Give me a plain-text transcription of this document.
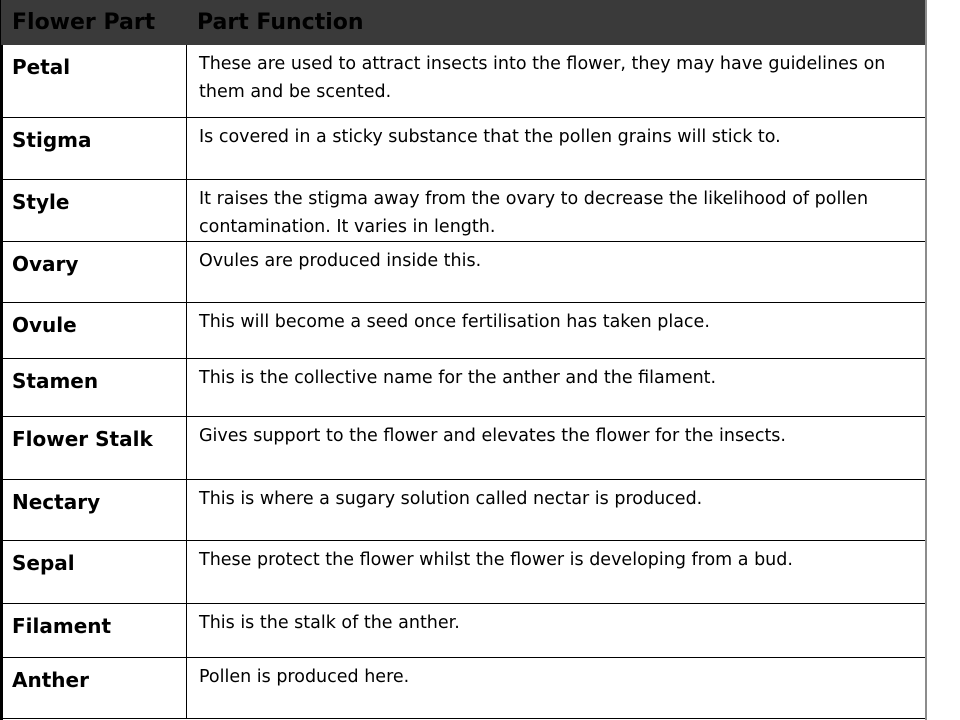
Flower Part	Part Function

Petal	These are used to attract insects into the flower, they may have guidelines on them and be scented.

Stigma	Is covered in a sticky substance that the pollen grains will stick to.

Style	It raises the stigma away from the ovary to decrease the likelihood of pollen contamination. It varies in length.

Ovary	Ovules are produced inside this.

Ovule	This will become a seed once fertilisation has taken place.

Stamen	This is the collective name for the anther and the filament.

Flower Stalk	Gives support to the flower and elevates the flower for the insects.

Nectary	This is where a sugary solution called nectar is produced.

Sepal	These protect the flower whilst the flower is developing from a bud.

Filament	This is the stalk of the anther.

Anther	Pollen is produced here.
